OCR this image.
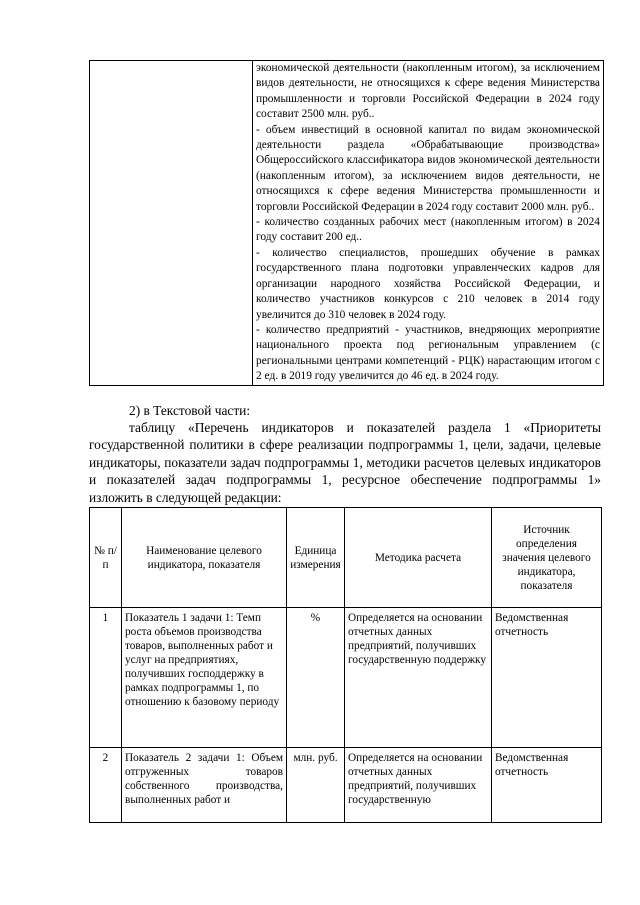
экономической деятельности (накопленным итогом), за исключением видов деятельности, не относящихся к сфере ведения Министерства промышленности и торговли Российской Федерации в 2024 году составит 2500 млн. руб..

- объем инвестиций в основной капитал по видам экономической деятельности раздела «Обрабатывающие производства» Общероссийского классификатора видов экономической деятельности (накопленным итогом), за исключением видов деятельности, не относящихся к сфере ведения Министерства промышленности и торговли Российской Федерации в 2024 году составит 2000 млн. руб..

- количество созданных рабочих мест (накопленным итогом) в 2024 году составит 200 ед..

- количество специалистов, прошедших обучение в рамках государственного плана подготовки управленческих кадров для организации народного хозяйства Российской Федерации, и количество участников конкурсов с 210 человек в 2014 году увеличится до 310 человек в 2024 году.

- количество предприятий - участников, внедряющих мероприятие национального проекта под региональным управлением (с региональными центрами компетенций - РЦК) нарастающим итогом с 2 ед. в 2019 году увеличится до 46 ед. в 2024 году.

2) в Текстовой части:

таблицу «Перечень индикаторов и показателей раздела 1 «Приоритеты государственной политики в сфере реализации подпрограммы 1, цели, задачи, целевые индикаторы, показатели задач подпрограммы 1, методики расчетов целевых индикаторов и показателей задач подпрограммы 1, ресурсное обеспечение подпрограммы 1» изложить в следующей редакции:

№ п/п	Наименование целевого индикатора, показателя	Единица измерения	Методика расчета	Источник определения значения целевого индикатора, показателя
1	Показатель 1 задачи 1: Темп роста объемов производства товаров, выполненных работ и услуг на предприятиях, получивших господдержку в рамках подпрограммы 1, по отношению к базовому периоду	%	Определяется на основании отчетных данных предприятий, получивших государственную поддержку	Ведомственная отчетность
2	Показатель 2 задачи 1: Объем отгруженных товаров собственного производства, выполненных работ и	млн. руб.	Определяется на основании отчетных данных предприятий, получивших государственную	Ведомственная отчетность
